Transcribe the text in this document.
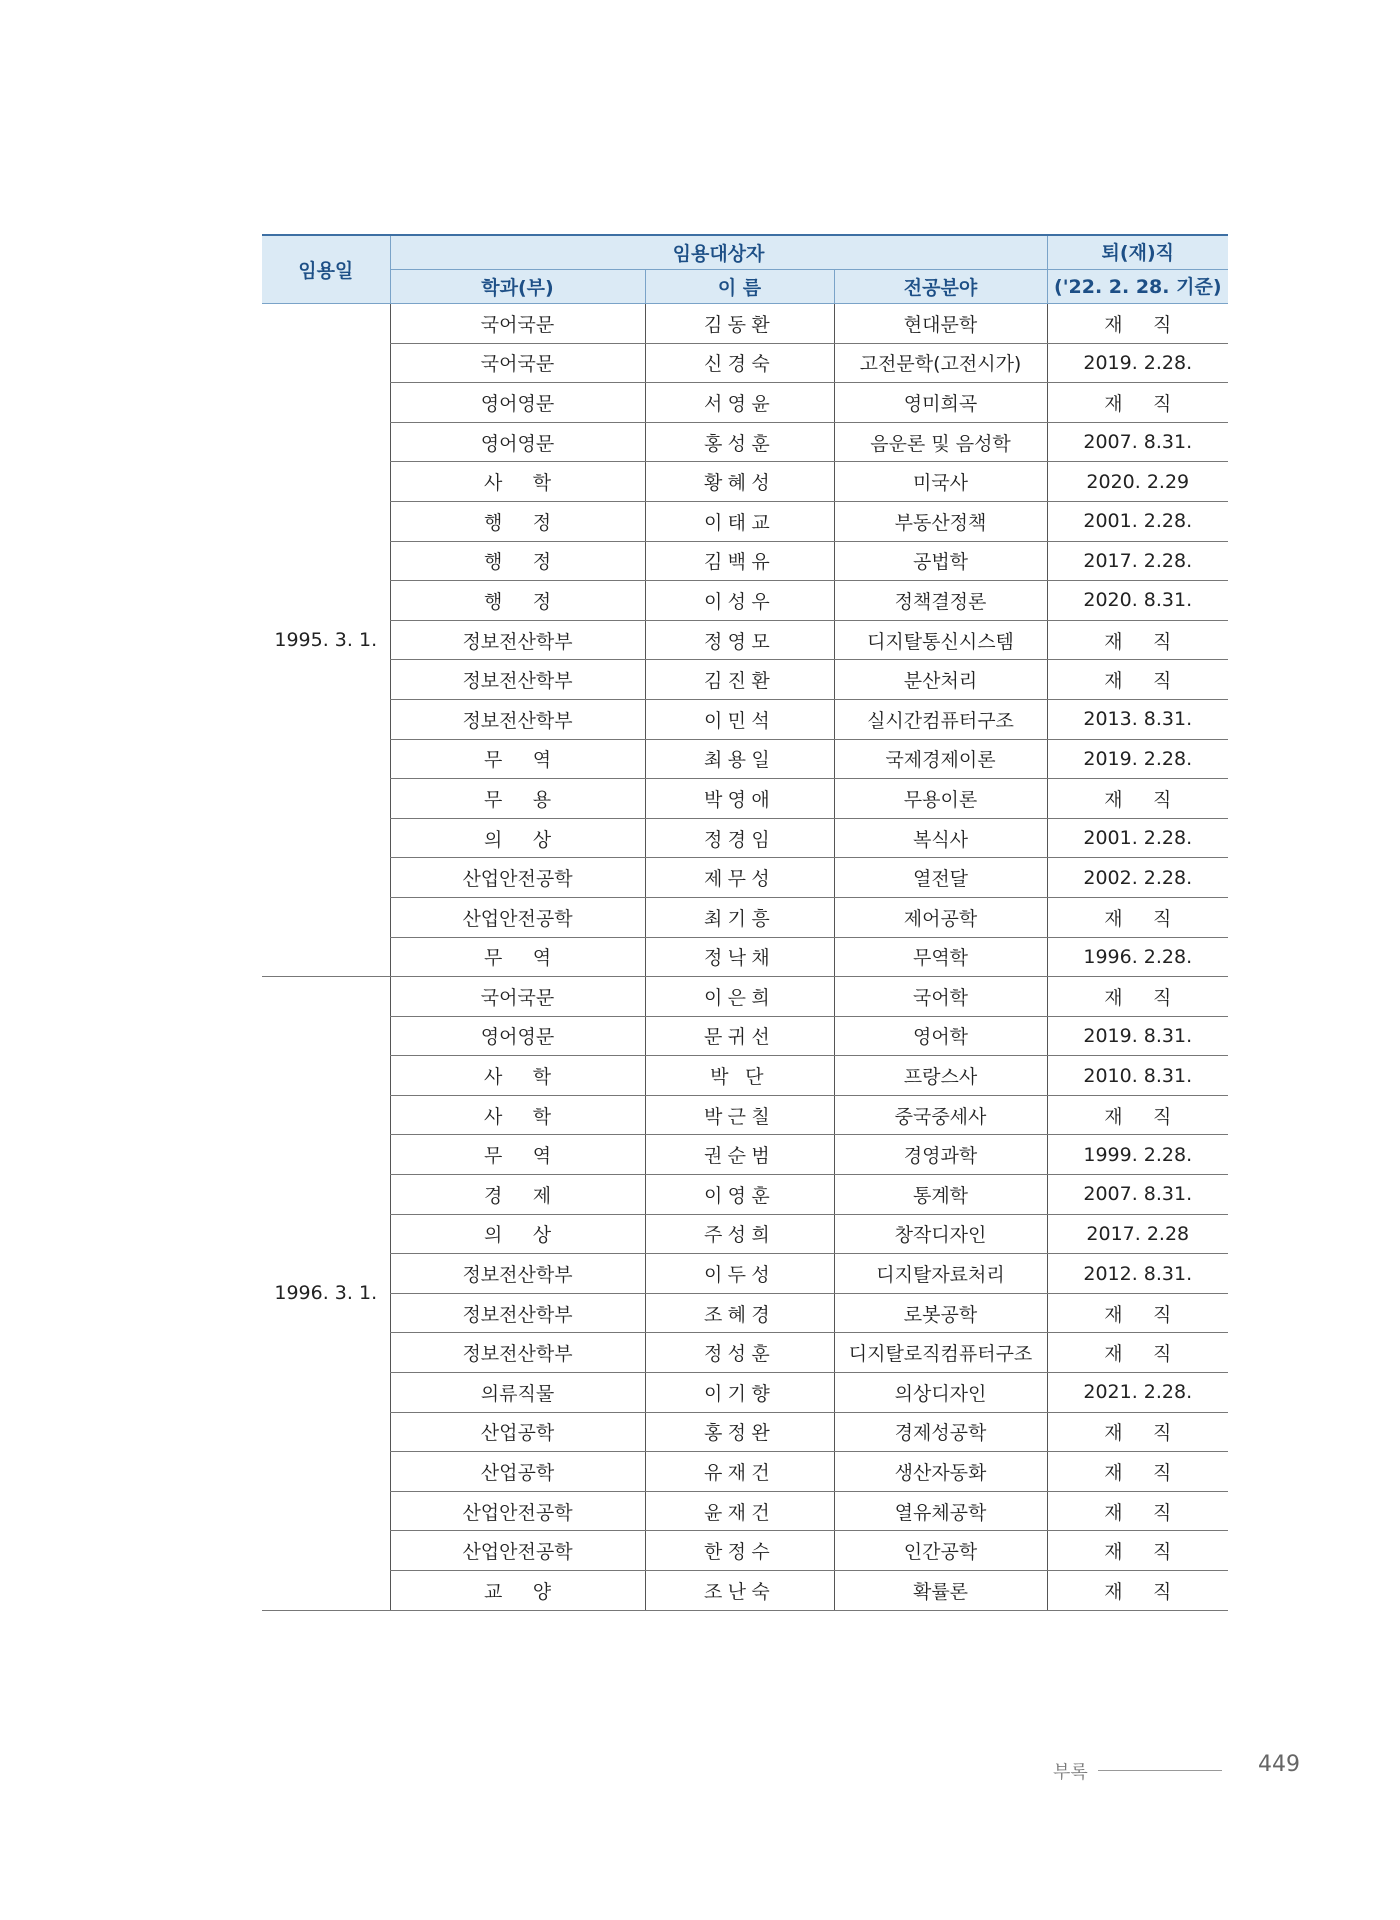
임용일	임용대상자			퇴(재)직
	학과(부)	이 름	전공분야	('22. 2. 28. 기준)
1995. 3. 1.	국어국문	김동환	현대문학	재직
	국어국문	신경숙	고전문학(고전시가)	2019. 2.28.
	영어영문	서영윤	영미희곡	재직
	영어영문	홍성훈	음운론 및 음성학	2007. 8.31.
	사학	황혜성	미국사	2020. 2.29
	행정	이태교	부동산정책	2001. 2.28.
	행정	김백유	공법학	2017. 2.28.
	행정	이성우	정책결정론	2020. 8.31.
	정보전산학부	정영모	디지탈통신시스템	재직
	정보전산학부	김진환	분산처리	재직
	정보전산학부	이민석	실시간컴퓨터구조	2013. 8.31.
	무역	최용일	국제경제이론	2019. 2.28.
	무용	박영애	무용이론	재직
	의상	정경임	복식사	2001. 2.28.
	산업안전공학	제무성	열전달	2002. 2.28.
	산업안전공학	최기흥	제어공학	재직
	무역	정낙채	무역학	1996. 2.28.
1996. 3. 1.	국어국문	이은희	국어학	재직
	영어영문	문귀선	영어학	2019. 8.31.
	사학	박 단	프랑스사	2010. 8.31.
	사학	박근칠	중국중세사	재직
	무역	권순범	경영과학	1999. 2.28.
	경제	이영훈	통계학	2007. 8.31.
	의상	주성희	창작디자인	2017. 2.28
	정보전산학부	이두성	디지탈자료처리	2012. 8.31.
	정보전산학부	조혜경	로봇공학	재직
	정보전산학부	정성훈	디지탈로직컴퓨터구조	재직
	의류직물	이기향	의상디자인	2021. 2.28.
	산업공학	홍정완	경제성공학	재직
	산업공학	유재건	생산자동화	재직
	산업안전공학	윤재건	열유체공학	재직
	산업안전공학	한정수	인간공학	재직
	교양	조난숙	확률론	재직
부록	449
